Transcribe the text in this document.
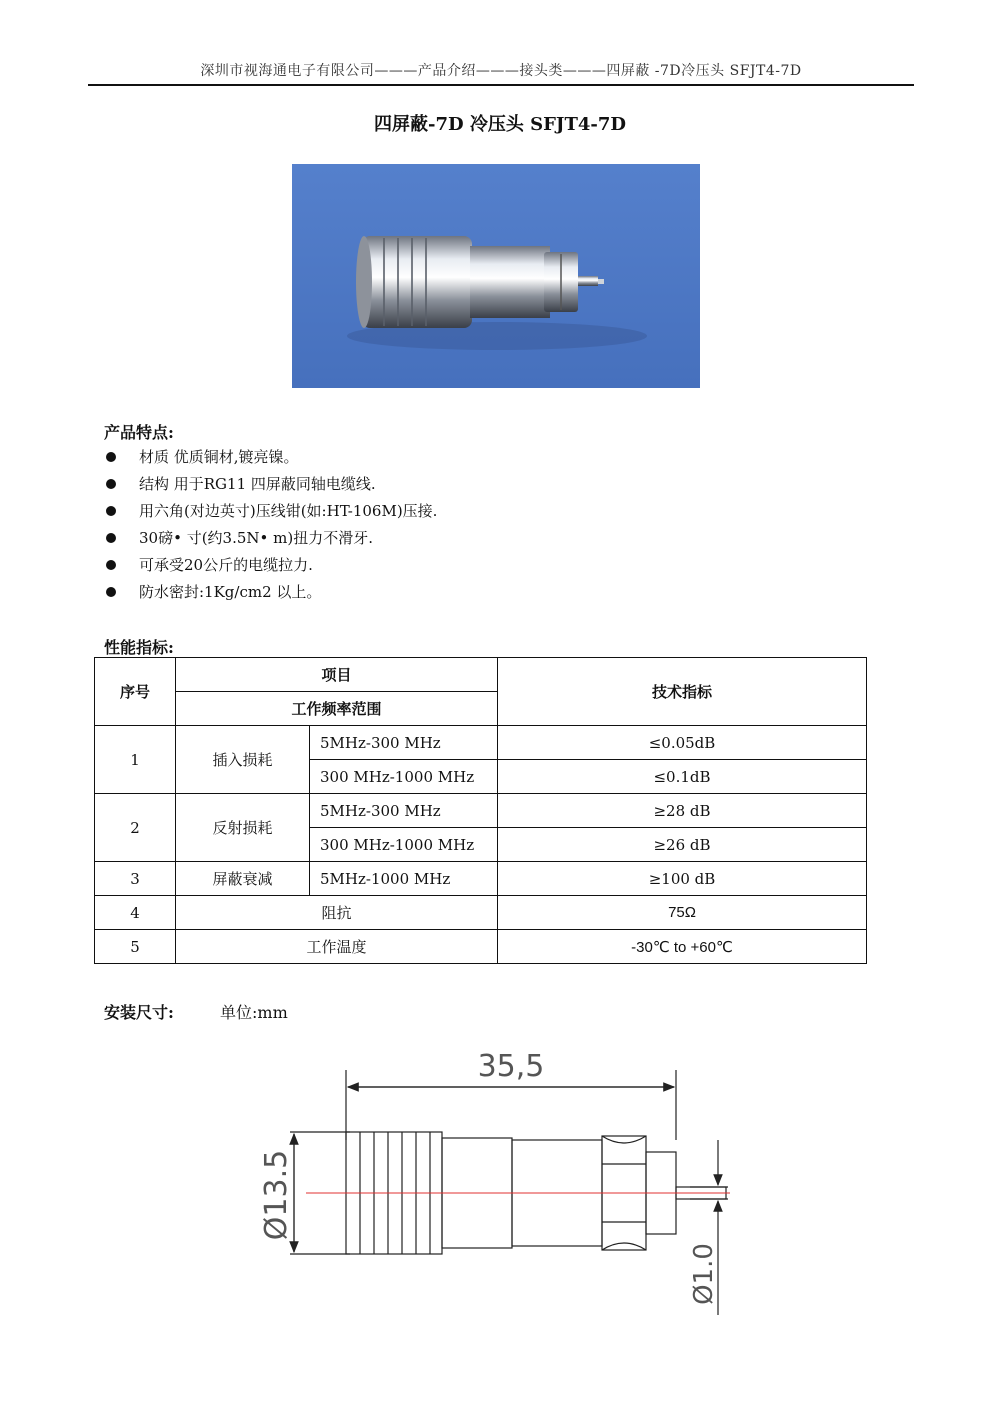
深圳市视海通电子有限公司———产品介绍———接头类———四屏蔽 -7D冷压头 SFJT4-7D
四屏蔽-7D 冷压头 SFJT4-7D
产品特点:
材质 优质铜材,镀亮镍。
结构 用于RG11 四屏蔽同轴电缆线.
用六角(对边英寸)压线钳(如:HT-106M)压接.
30磅• 寸(约3.5N• m)扭力不滑牙.
可承受20公斤的电缆拉力.
防水密封:1Kg/cm2 以上。
性能指标:
序号	项目		技术指标
	工作频率范围		
1	插入损耗	5MHz-300 MHz	≤0.05dB
		300 MHz-1000 MHz	≤0.1dB
2	反射损耗	5MHz-300 MHz	≥28 dB
		300 MHz-1000 MHz	≥26 dB
3	屏蔽衰减	5MHz-1000 MHz	≥100 dB
4	阻抗		75Ω
5	工作温度		-30℃ to +60℃
安装尺寸:	单位:mm
35,5
Ø13.5
Ø1.0
